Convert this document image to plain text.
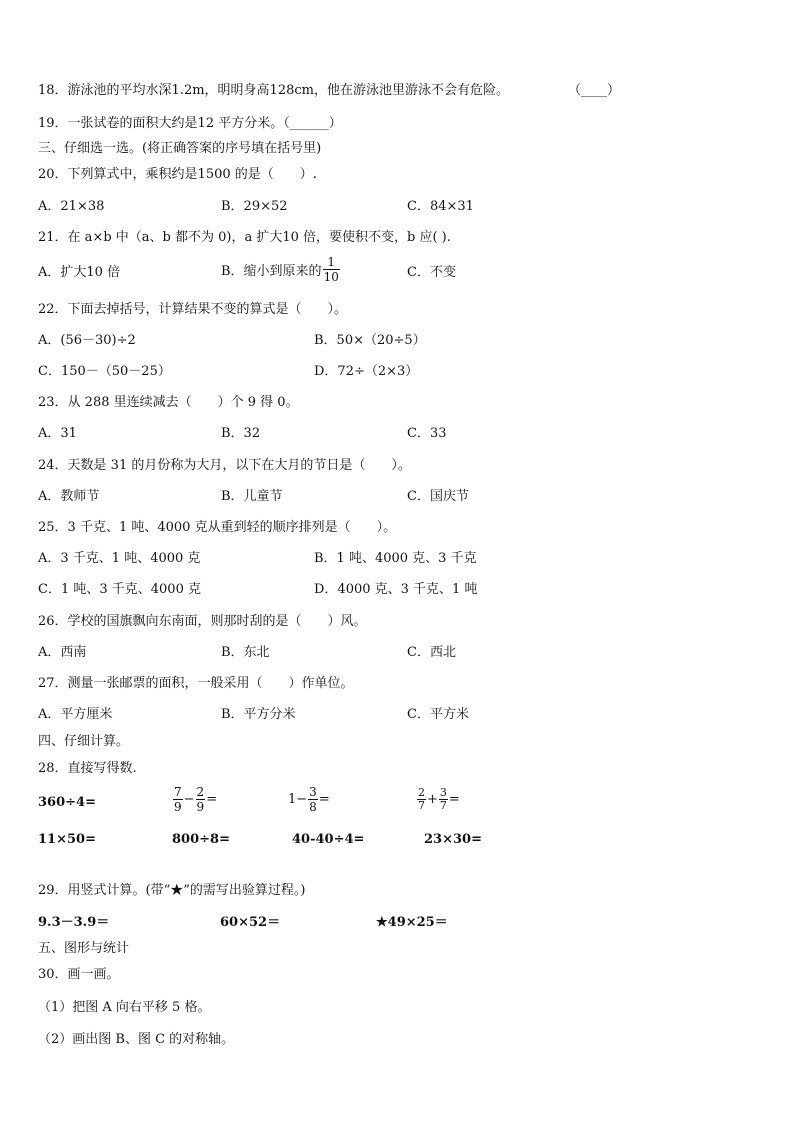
18．游泳池的平均水深1.2m，明明身高128cm，他在游泳池里游泳不会有危险。	（____）
19．一张试卷的面积大约是12 平方分米。（______）
三、仔细选一选。(将正确答案的序号填在括号里)
20．下列算式中，乘积约是1500 的是（　　）.
A．21×38	B．29×52	C．84×31
21．在 a×b 中（a、b 都不为 0)，a 扩大10 倍，要使积不变，b 应( ).
A．扩大10 倍	B．缩小到原来的 $\frac{1}{10}$	C．不变
22．下面去掉括号，计算结果不变的算式是（　　）。
A．(56－30)÷2	B．50×（20÷5）
C．150－（50－25）	D．72÷（2×3）
23．从 288 里连续减去（　　）个 9 得 0。
A．31	B．32	C．33
24．天数是 31 的月份称为大月，以下在大月的节日是（　　）。
A．教师节	B．儿童节	C．国庆节
25．3 千克、1 吨、4000 克从重到轻的顺序排列是（　　）。
A．3 千克、1 吨、4000 克	B．1 吨、4000 克、3 千克
C．1 吨、3 千克、4000 克	D．4000 克、3 千克、1 吨
26．学校的国旗飘向东南面，则那时刮的是（　　）风。
A．西南	B．东北	C．西北
27．测量一张邮票的面积，一般采用（　　）作单位。
A．平方厘米	B．平方分米	C．平方米
四、仔细计算。
28．直接写得数.
360÷4=	$\frac{7}{9} - \frac{2}{9}$ =	$1- \frac{3}{8}$ =	$\frac{2}{7} + \frac{3}{7}$ =
11×50=	800÷8=	40-40÷4=	23×30=
29．用竖式计算。(带“★”的需写出验算过程。)
9.3－3.9＝	60×52＝	★49×25＝
五、图形与统计
30．画一画。
（1）把图 A 向右平移 5 格。
（2）画出图 B、图 C 的对称轴。
